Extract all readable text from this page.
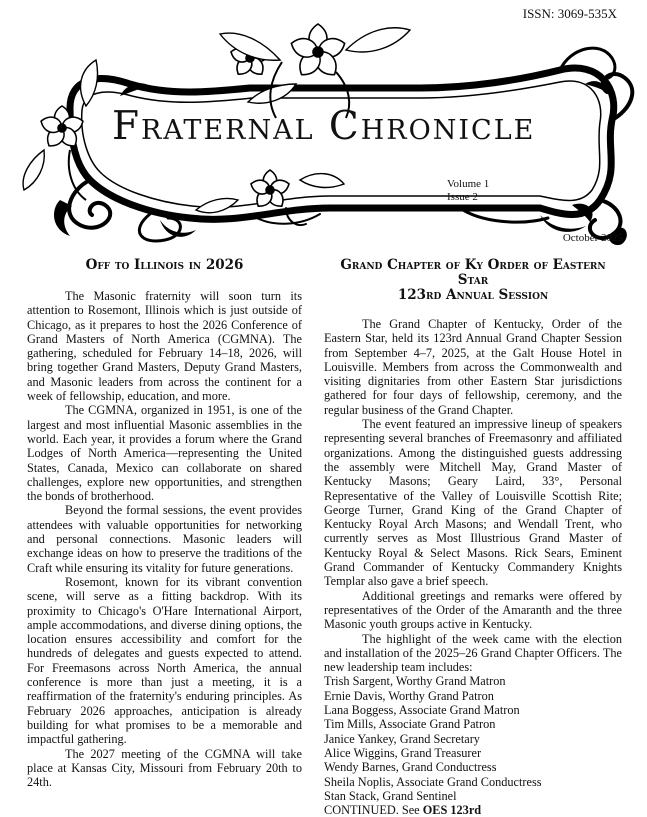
ISSN: 3069-535X
Fraternal Chronicle
Volume 1
Issue 2
October 2025
Off to Illinois in 2026

The Masonic fraternity will soon turn its attention to Rosemont, Illinois which is just outside of Chicago, as it prepares to host the 2026 Conference of Grand Masters of North America (CGMNA). The gathering, scheduled for February 14–18, 2026, will bring together Grand Masters, Deputy Grand Masters, and Masonic leaders from across the continent for a week of fellowship, education, and more.

The CGMNA, organized in 1951, is one of the largest and most influential Masonic assemblies in the world. Each year, it provides a forum where the Grand Lodges of North America—representing the United States, Canada, Mexico can collaborate on shared challenges, explore new opportunities, and strengthen the bonds of brotherhood.

Beyond the formal sessions, the event provides attendees with valuable opportunities for networking and personal connections. Masonic leaders will exchange ideas on how to preserve the traditions of the Craft while ensuring its vitality for future generations.

Rosemont, known for its vibrant convention scene, will serve as a fitting backdrop. With its proximity to Chicago's O'Hare International Airport, ample accommodations, and diverse dining options, the location ensures accessibility and comfort for the hundreds of delegates and guests expected to attend. For Freemasons across North America, the annual conference is more than just a meeting, it is a reaffirmation of the fraternity's enduring principles. As February 2026 approaches, anticipation is already building for what promises to be a memorable and impactful gathering.

The 2027 meeting of the CGMNA will take place at Kansas City, Missouri from February 20th to 24th.

Grand Chapter of Ky Order of Eastern Star
123rd Annual Session

The Grand Chapter of Kentucky, Order of the Eastern Star, held its 123rd Annual Grand Chapter Session from September 4–7, 2025, at the Galt House Hotel in Louisville. Members from across the Commonwealth and visiting dignitaries from other Eastern Star jurisdictions gathered for four days of fellowship, ceremony, and the regular business of the Grand Chapter.

The event featured an impressive lineup of speakers representing several branches of Freemasonry and affiliated organizations. Among the distinguished guests addressing the assembly were Mitchell May, Grand Master of Kentucky Masons; Geary Laird, 33°, Personal Representative of the Valley of Louisville Scottish Rite; George Turner, Grand King of the Grand Chapter of Kentucky Royal Arch Masons; and Wendall Trent, who currently serves as Most Illustrious Grand Master of Kentucky Royal & Select Masons. Rick Sears, Eminent Grand Commander of Kentucky Commandery Knights Templar also gave a brief speech.

Additional greetings and remarks were offered by representatives of the Order of the Amaranth and the three Masonic youth groups active in Kentucky.

The highlight of the week came with the election and installation of the 2025–26 Grand Chapter Officers. The new leadership team includes:

Trish Sargent, Worthy Grand Matron
Ernie Davis, Worthy Grand Patron
Lana Boggess, Associate Grand Matron
Tim Mills, Associate Grand Patron
Janice Yankey, Grand Secretary
Alice Wiggins, Grand Treasurer
Wendy Barnes, Grand Conductress
Sheila Noplis, Associate Grand Conductress
Stan Stack, Grand Sentinel
CONTINUED. See OES 123rd
